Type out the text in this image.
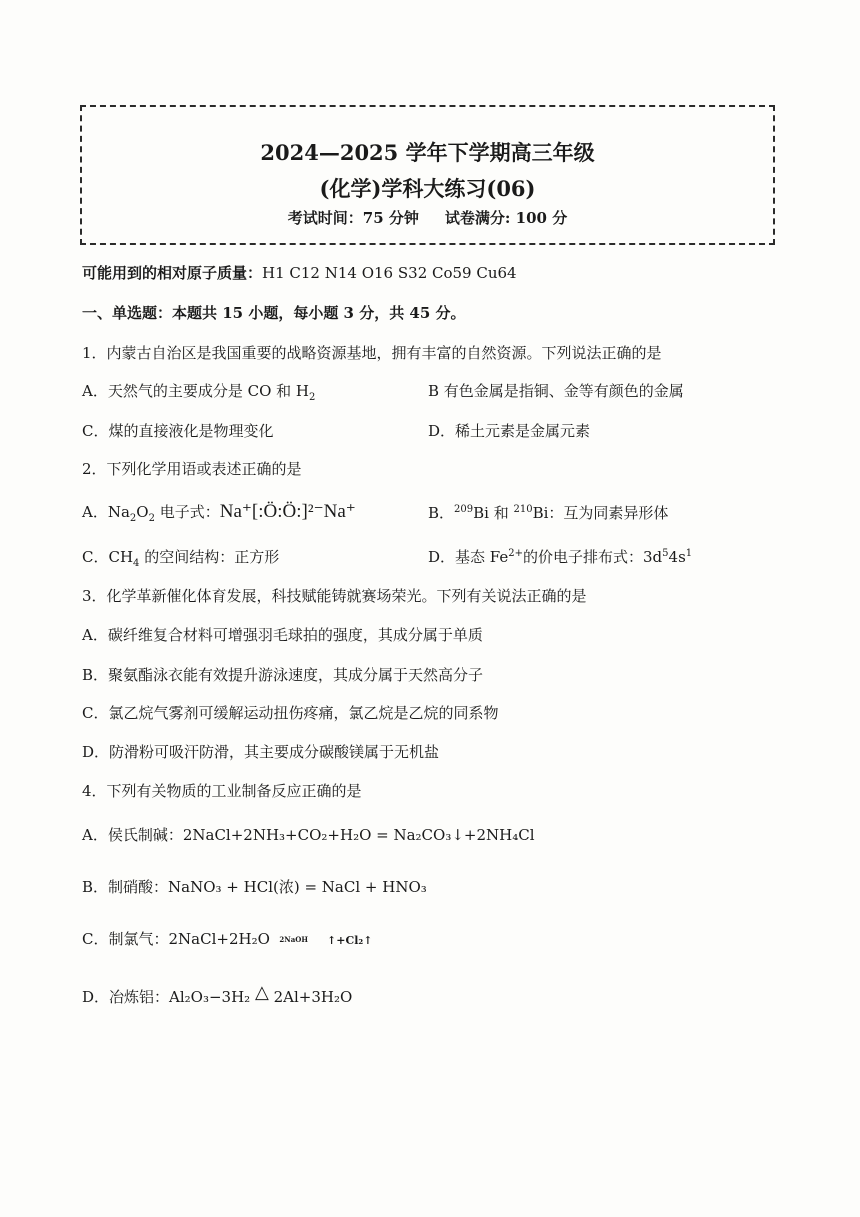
2024—2025 学年下学期高三年级
(化学)学科大练习(06)
考试时间：75 分钟 试卷满分: 100 分
可能用到的相对原子质量：H1 C12 N14 O16 S32 Co59 Cu64
一、单选题：本题共 15 小题，每小题 3 分，共 45 分。
1．内蒙古自治区是我国重要的战略资源基地，拥有丰富的自然资源。下列说法正确的是
A．天然气的主要成分是 CO 和 $H_2$	B 有色金属是指铜、金等有颜色的金属
C．煤的直接液化是物理变化	D．稀土元素是金属元素
2．下列化学用语或表述正确的是
A．$Na_2O_2$ 电子式：Na⁺[:Ö:Ö:]²⁻Na⁺	B．$^{209}$Bi 和 $^{210}$Bi：互为同素异形体
C．$CH_4$ 的空间结构：正方形	D．基态 $Fe^{2+}$的价电子排布式：$3d^54s^1$
3．化学革新催化体育发展，科技赋能铸就赛场荣光。下列有关说法正确的是
A．碳纤维复合材料可增强羽毛球拍的强度，其成分属于单质
B．聚氨酯泳衣能有效提升游泳速度，其成分属于天然高分子
C．氯乙烷气雾剂可缓解运动扭伤疼痛，氯乙烷是乙烷的同系物
D．防滑粉可吸汗防滑，其主要成分碳酸镁属于无机盐
4．下列有关物质的工业制备反应正确的是
A．侯氏制碱：2NaCl+2NH₃+CO₂+H₂O = Na₂CO₃↓+2NH₄Cl
B．制硝酸：NaNO₃ + HCl(浓) = NaCl + HNO₃
C．制氯气：2NaCl+2H₂O 2NaOH ↑+Cl₂↑
D．冶炼铝：Al₂O₃−3H₂ △ 2Al+3H₂O
